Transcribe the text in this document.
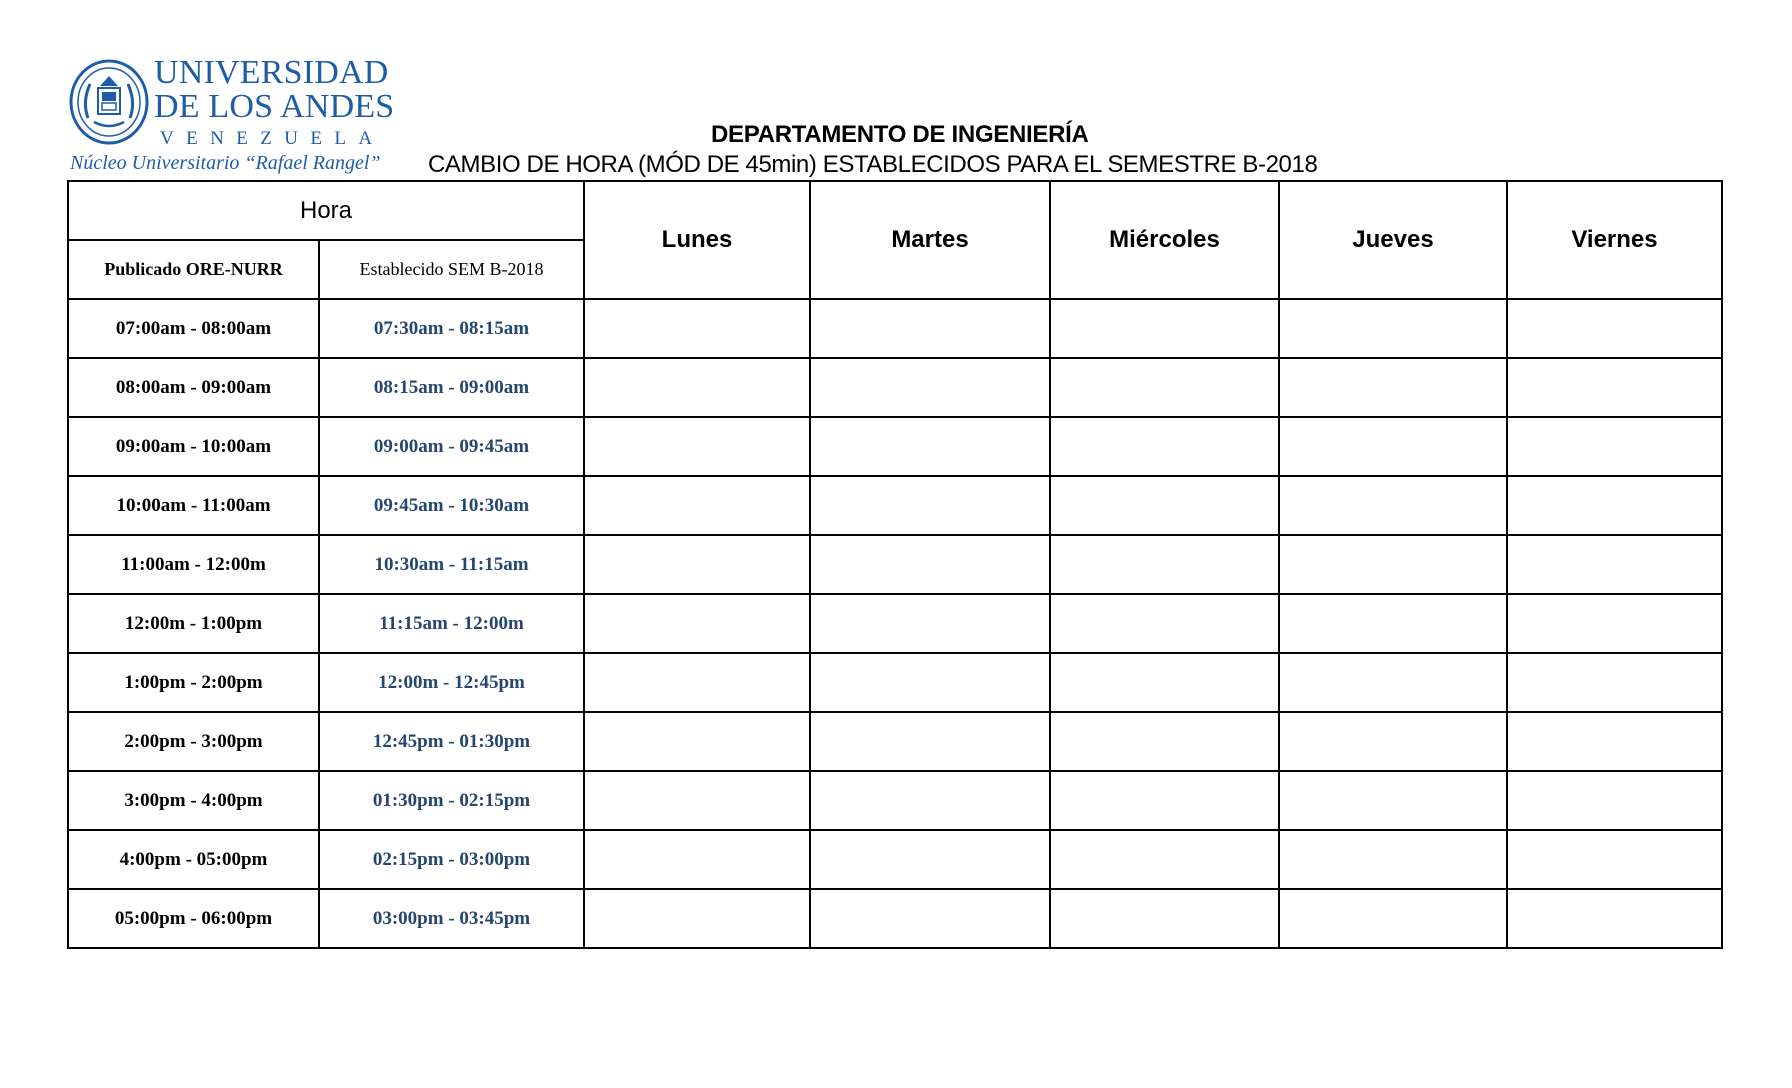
UNIVERSIDAD
DE LOS ANDES
VENEZUELA
Núcleo Universitario “Rafael Rangel”
DEPARTAMENTO DE INGENIERÍA
CAMBIO DE HORA (MÓD DE 45min) ESTABLECIDOS PARA EL SEMESTRE B-2018
Hora		Lunes	Martes	Miércoles	Jueves	Viernes
Publicado ORE-NURR	Establecido SEM B-2018					
07:00am - 08:00am	07:30am - 08:15am					
08:00am - 09:00am	08:15am - 09:00am					
09:00am - 10:00am	09:00am - 09:45am					
10:00am - 11:00am	09:45am - 10:30am					
11:00am - 12:00m	10:30am - 11:15am					
12:00m - 1:00pm	11:15am - 12:00m					
1:00pm - 2:00pm	12:00m - 12:45pm					
2:00pm - 3:00pm	12:45pm - 01:30pm					
3:00pm - 4:00pm	01:30pm - 02:15pm					
4:00pm - 05:00pm	02:15pm - 03:00pm					
05:00pm - 06:00pm	03:00pm - 03:45pm					
